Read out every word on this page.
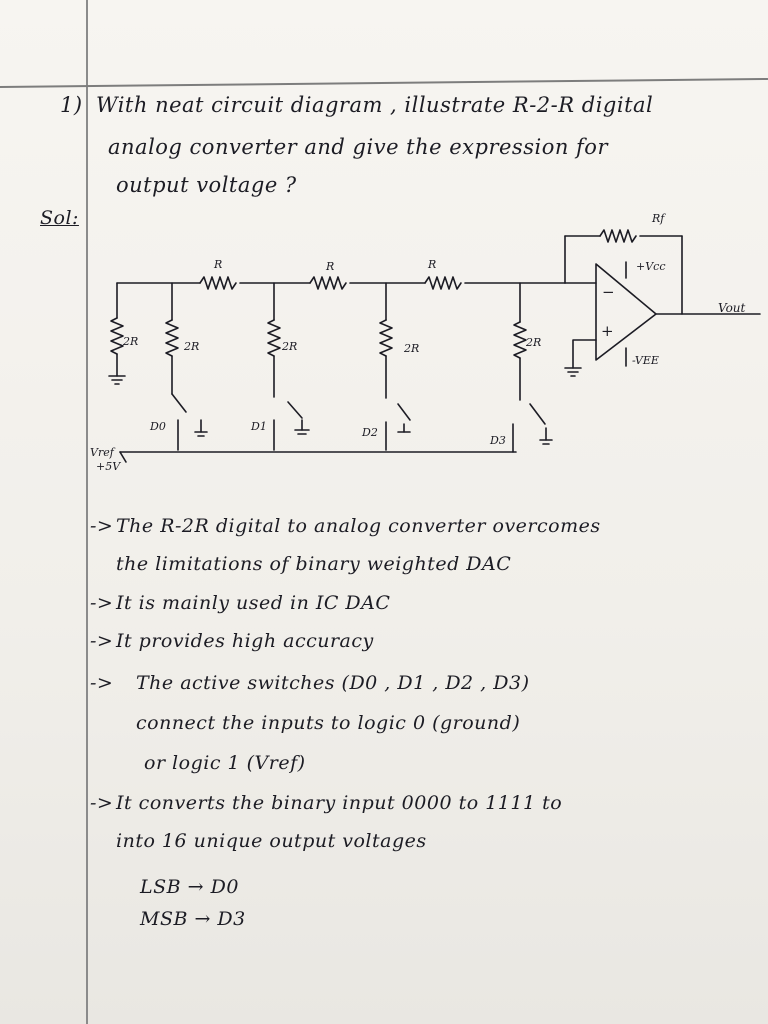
1) With neat circuit diagram , illustrate R-2-R digital
analog converter and give the expression for
output voltage ?
Sol:
R	R	R
2R	2R	2R	2R	2R
D0	D1	D2
D3
Rf
+Vcc
-VEE
−
+
Vout
Vref
+5V
-> The R-2R digital to analog converter overcomes
the limitations of binary weighted DAC
-> It is mainly used in IC DAC
-> It provides high accuracy
-> The active switches (D0 , D1 , D2 , D3)
connect the inputs to logic 0 (ground)
or logic 1 (Vref)
-> It converts the binary input 0000 to 1111 to
into 16 unique output voltages
LSB → D0
MSB → D3
